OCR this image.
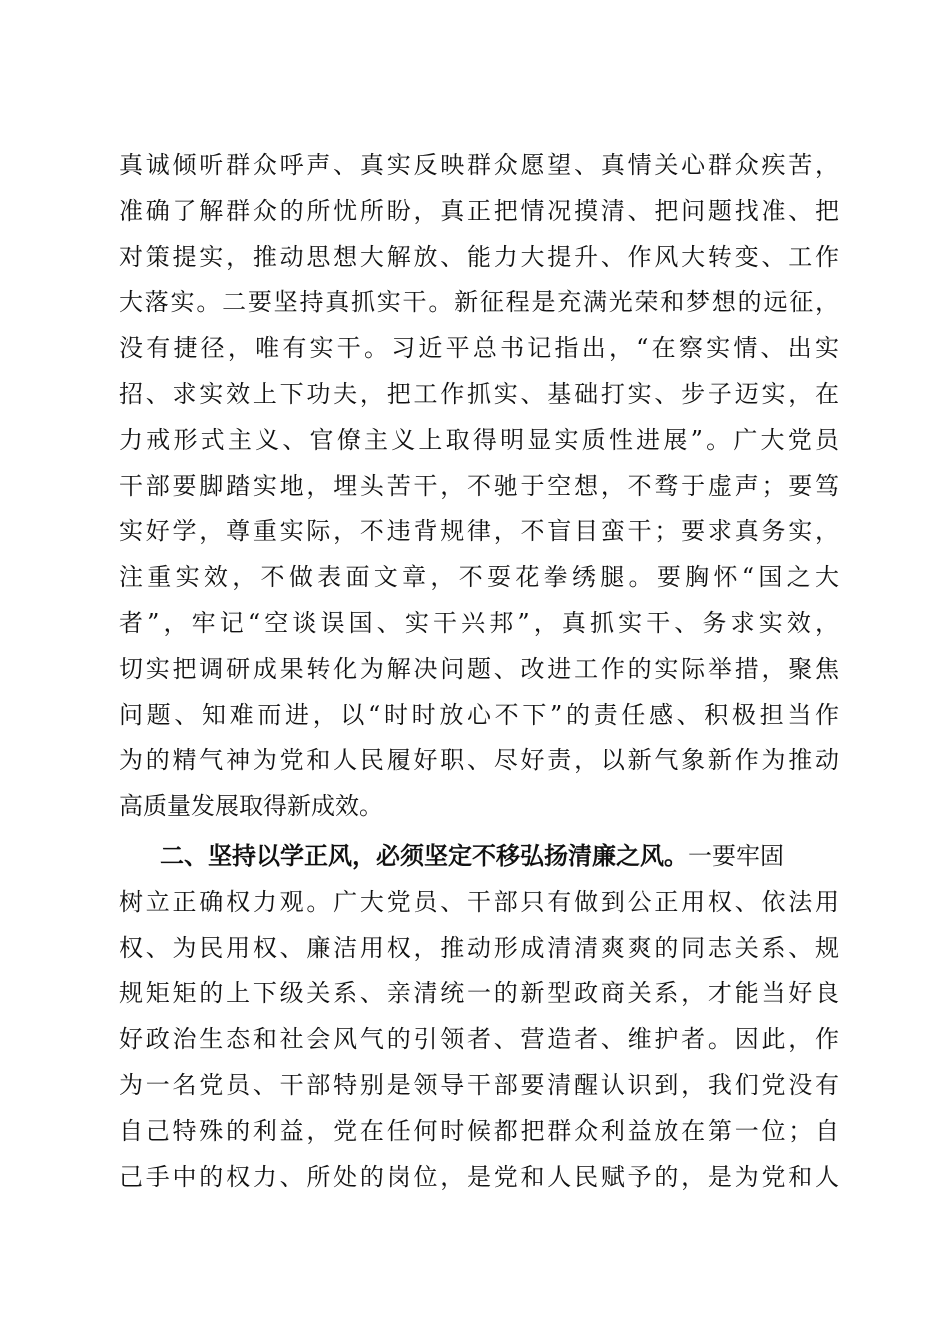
真诚倾听群众呼声、真实反映群众愿望、真情关心群众疾苦，
准确了解群众的所忧所盼，真正把情况摸清、把问题找准、把
对策提实，推动思想大解放、能力大提升、作风大转变、工作
大落实。二要坚持真抓实干。新征程是充满光荣和梦想的远征，
没有捷径，唯有实干。习近平总书记指出，“在察实情、出实
招、求实效上下功夫，把工作抓实、基础打实、步子迈实，在
力戒形式主义、官僚主义上取得明显实质性进展”。广大党员
干部要脚踏实地，埋头苦干，不驰于空想，不骛于虚声；要笃
实好学，尊重实际，不违背规律，不盲目蛮干；要求真务实，
注重实效，不做表面文章，不耍花拳绣腿。要胸怀“国之大
者”，牢记“空谈误国、实干兴邦”，真抓实干、务求实效，
切实把调研成果转化为解决问题、改进工作的实际举措，聚焦
问题、知难而进，以“时时放心不下”的责任感、积极担当作
为的精气神为党和人民履好职、尽好责，以新气象新作为推动
高质量发展取得新成效。
二、坚持以学正风，必须坚定不移弘扬清廉之风。一要牢固
树立正确权力观。广大党员、干部只有做到公正用权、依法用
权、为民用权、廉洁用权，推动形成清清爽爽的同志关系、规
规矩矩的上下级关系、亲清统一的新型政商关系，才能当好良
好政治生态和社会风气的引领者、营造者、维护者。因此，作
为一名党员、干部特别是领导干部要清醒认识到，我们党没有
自己特殊的利益，党在任何时候都把群众利益放在第一位；自
己手中的权力、所处的岗位，是党和人民赋予的，是为党和人
